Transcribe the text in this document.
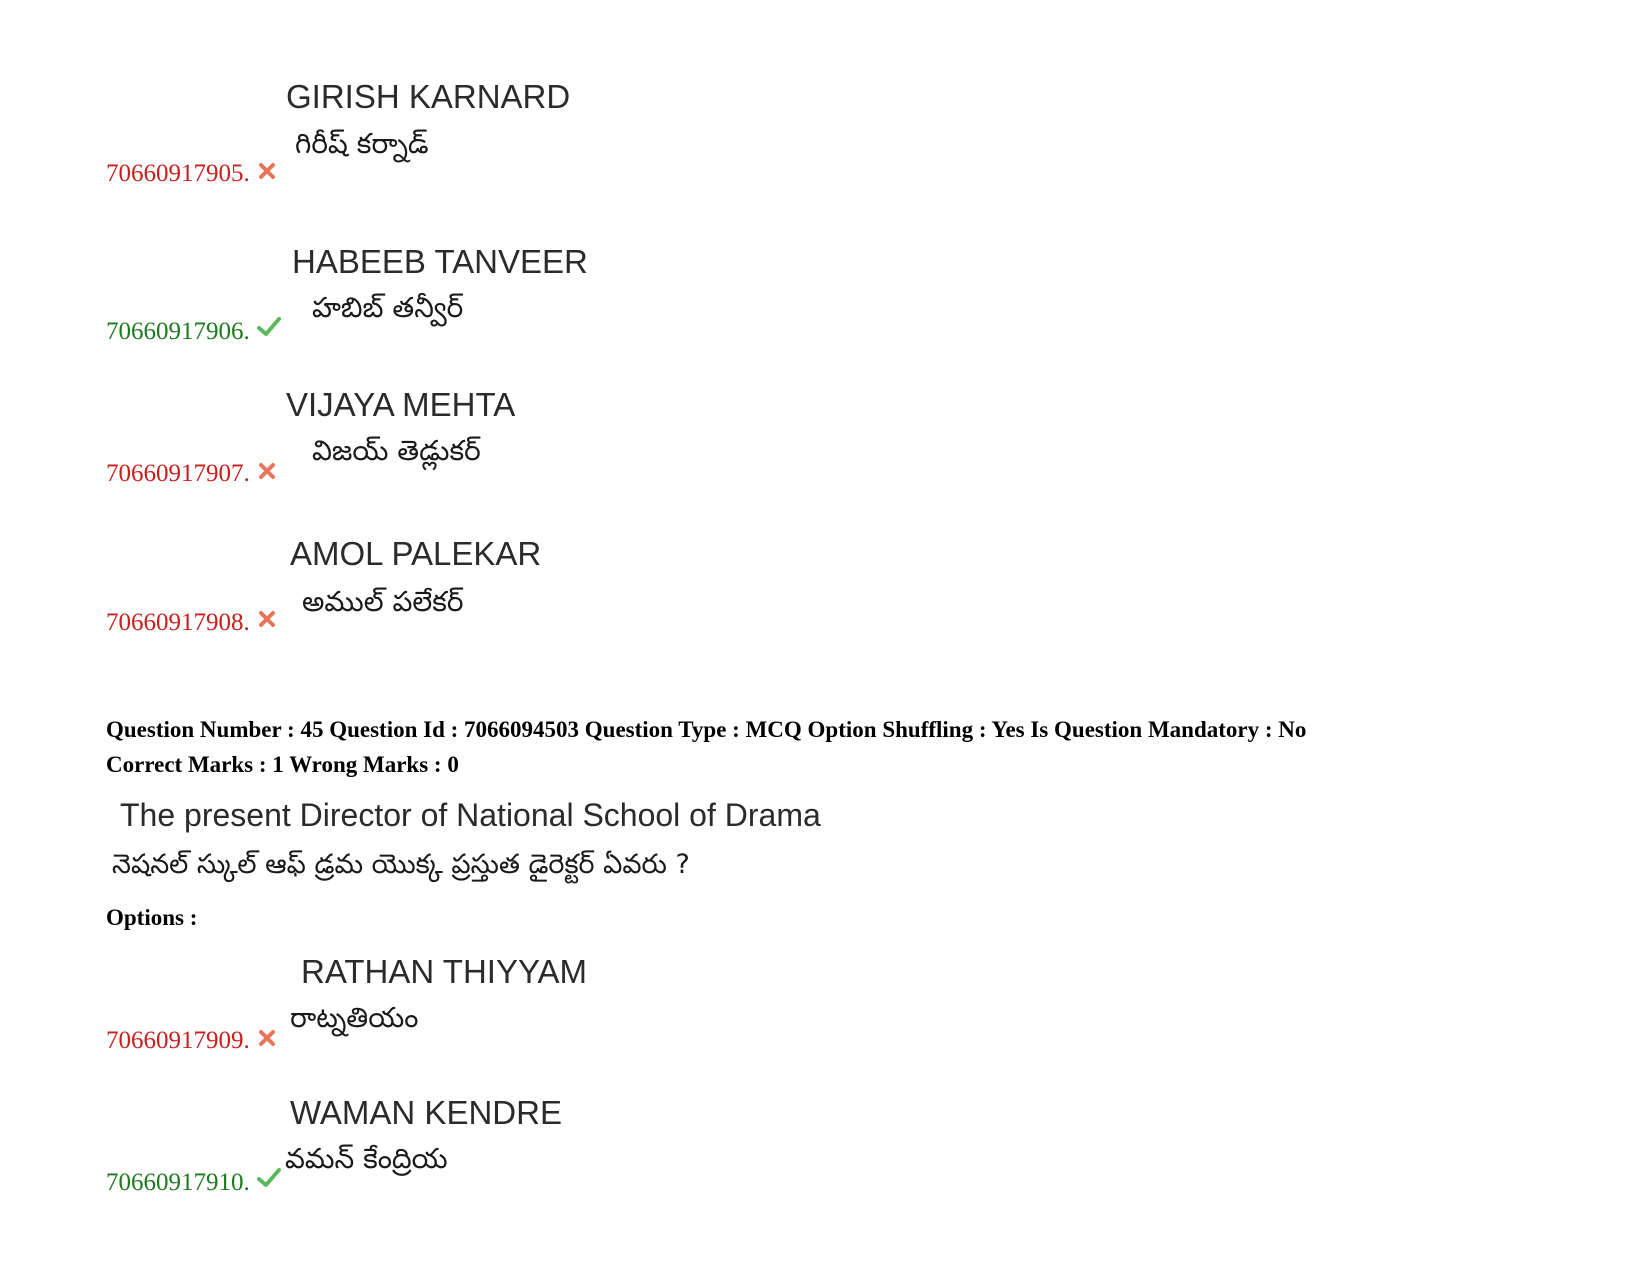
GIRISH KARNARD
గిరీష్ కర్నాడ్
70660917905.
HABEEB TANVEER
హబిబ్ తన్వీర్
70660917906.
VIJAYA MEHTA
విజయ్ తెడ్లుకర్
70660917907.
AMOL PALEKAR
అముల్ పలేకర్
70660917908.
Question Number : 45 Question Id : 7066094503 Question Type : MCQ Option Shuffling : Yes Is Question Mandatory : No
Correct Marks : 1 Wrong Marks : 0
The present Director of National School of Drama
నెషనల్ స్కుల్ ఆఫ్ డ్రమ యొక్క ప్రస్తుత డైరెక్టర్ ఏవరు ?
Options :
RATHAN THIYYAM
రాట్నతియం
70660917909.
WAMAN KENDRE
వమన్ కేంద్రియ
70660917910.
